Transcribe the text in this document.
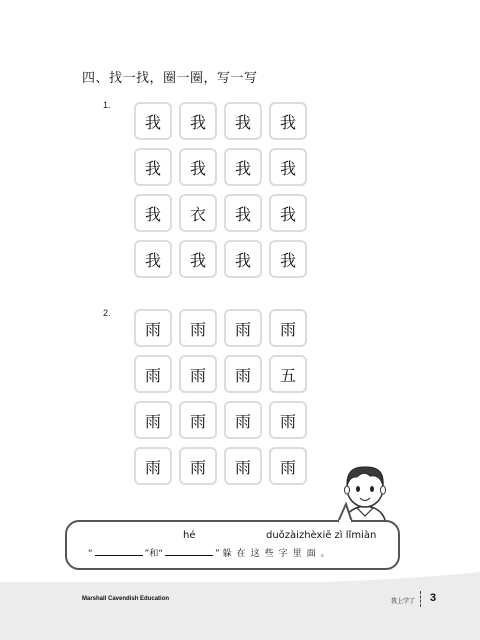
四、找一找，圈一圈，写一写
1.
我	我	我	我
我	我	我	我
我	衣	我	我
我	我	我	我
2.
雨	雨	雨	雨
雨	雨	雨	五
雨	雨	雨	雨
雨	雨	雨	雨
hé	duǒzàizhèxiē zì lǐmiàn
“	”和“	” 躲在这些字里面。
Marshall Cavendish Education	我上学了 3
